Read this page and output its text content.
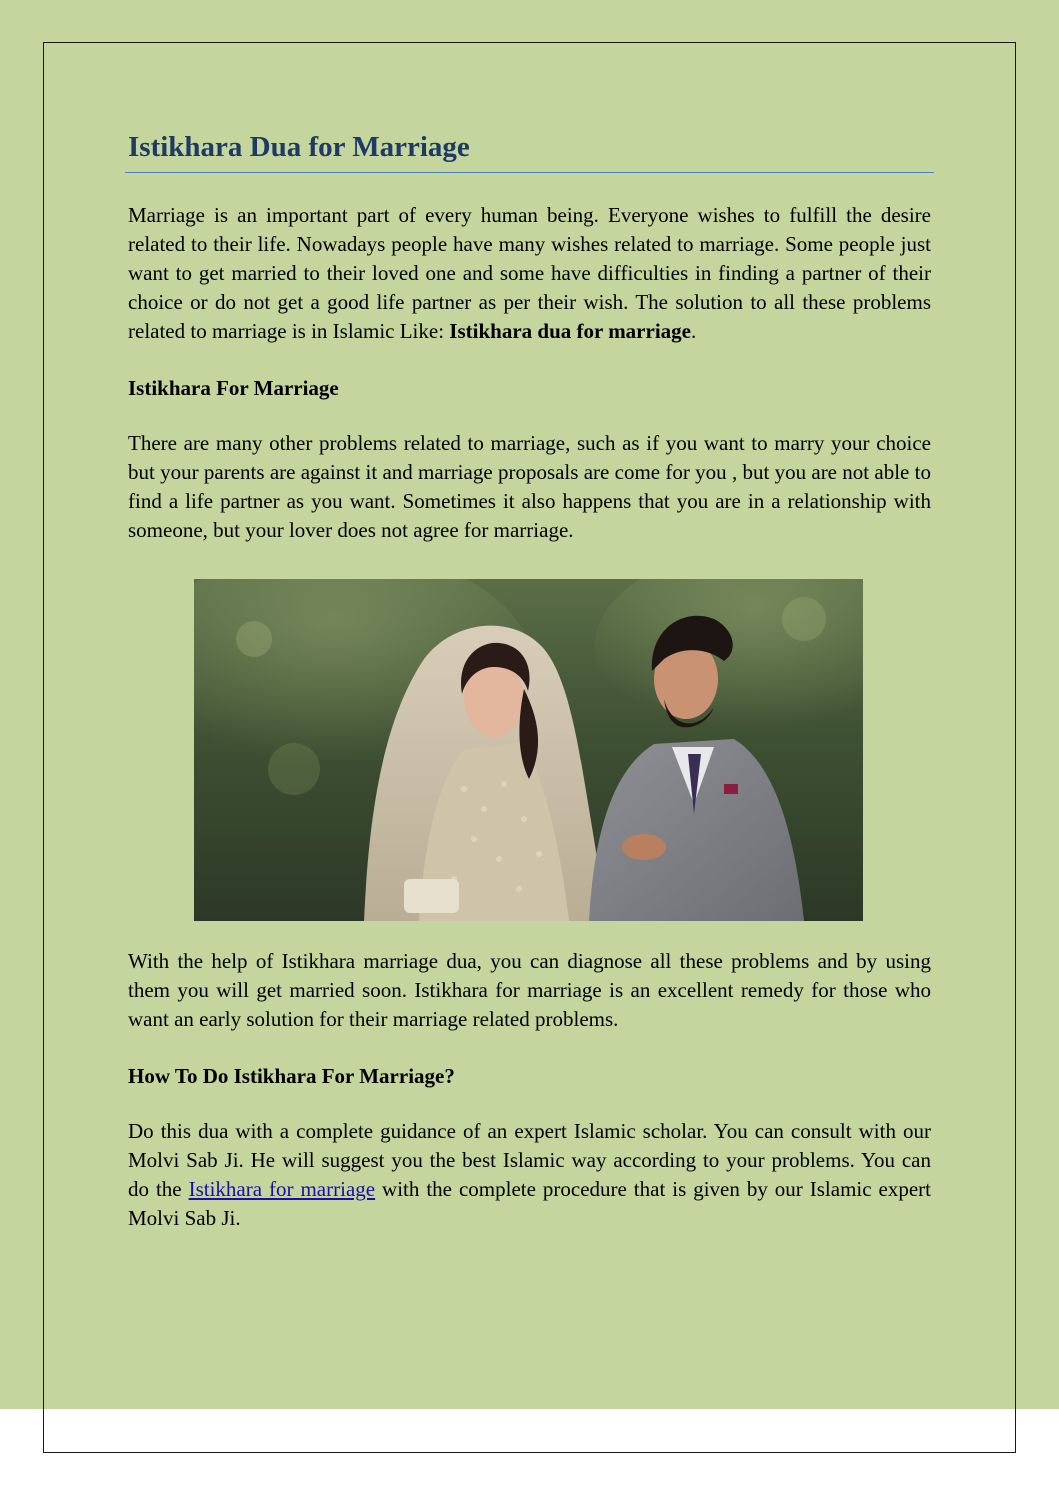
Istikhara Dua for Marriage

Marriage is an important part of every human being. Everyone wishes to fulfill the desire related to their life. Nowadays people have many wishes related to marriage. Some people just want to get married to their loved one and some have difficulties in finding a partner of their choice or do not get a good life partner as per their wish. The solution to all these problems related to marriage is in Islamic Like: Istikhara dua for marriage.

Istikhara For Marriage

There are many other problems related to marriage, such as if you want to marry your choice but your parents are against it and marriage proposals are come for you , but you are not able to find a life partner as you want. Sometimes it also happens that you are in a relationship with someone, but your lover does not agree for marriage.

With the help of Istikhara marriage dua, you can diagnose all these problems and by using them you will get married soon. Istikhara for marriage is an excellent remedy for those who want an early solution for their marriage related problems.

How To Do Istikhara For Marriage?

Do this dua with a complete guidance of an expert Islamic scholar. You can consult with our Molvi Sab Ji. He will suggest you the best Islamic way according to your problems. You can do the Istikhara for marriage with the complete procedure that is given by our Islamic expert Molvi Sab Ji.
